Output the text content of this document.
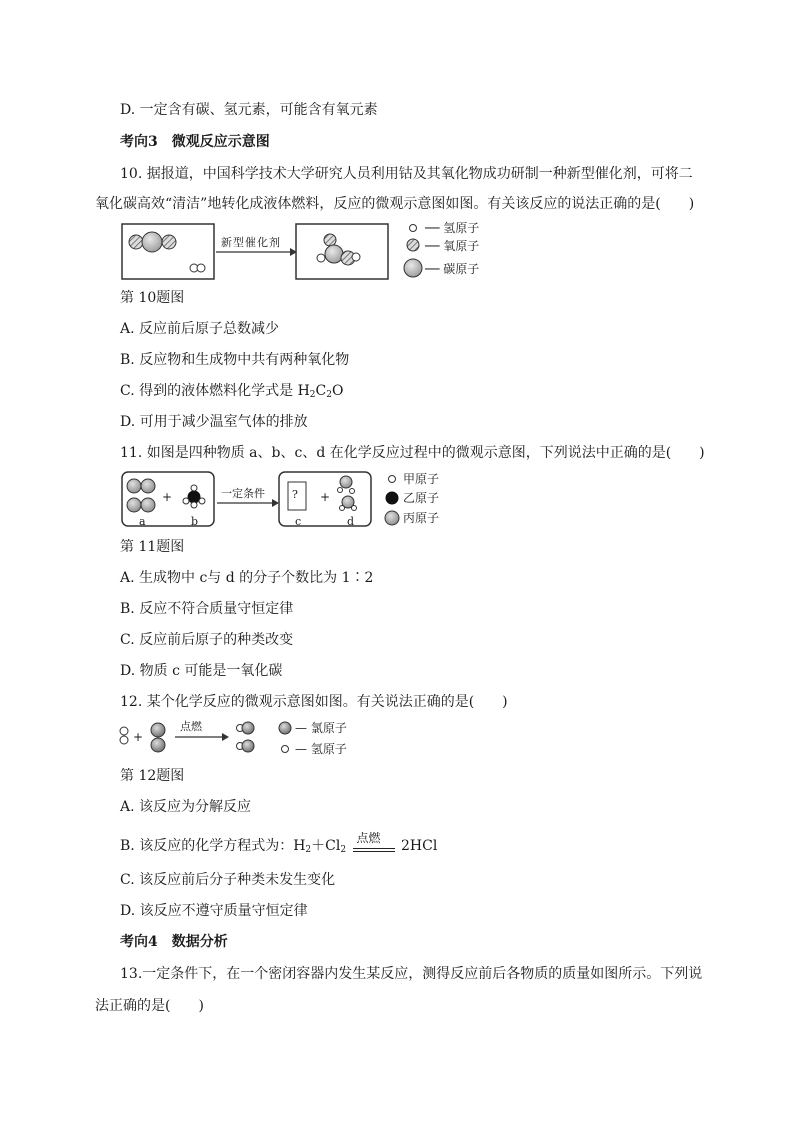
D. 一定含有碳、氢元素，可能含有氧元素
考向3　微观反应示意图
10. 据报道，中国科学技术大学研究人员利用钴及其氧化物成功研制一种新型催化剂，可将二
氧化碳高效“清洁”地转化成液体燃料，反应的微观示意图如图。有关该反应的说法正确的是(　　)
新型催化剂
── 氢原子
── 氧原子
── 碳原子
第 10题图
A. 反应前后原子总数减少
B. 反应物和生成物中共有两种氧化物
C. 得到的液体燃料化学式是 $H_2C_2O$
D. 可用于减少温室气体的排放
11. 如图是四种物质 a、b、c、d 在化学反应过程中的微观示意图，下列说法中正确的是(　　)
+	+
?
一定条件
a	b	c	d
甲原子
乙原子
丙原子
第 11题图
A. 生成物中 c与 d 的分子个数比为 1∶2
B. 反应不符合质量守恒定律
C. 反应前后原子的种类改变
D. 物质 c 可能是一氧化碳
12. 某个化学反应的微观示意图如图。有关说法正确的是(　　)
+
点燃	— 氯原子
— 氢原子
第 12题图
A. 该反应为分解反应
B. 该反应的化学方程式为：$H_2+Cl_2$
点燃 2HCl
C. 该反应前后分子种类未发生变化
D. 该反应不遵守质量守恒定律
考向4　数据分析
13.一定条件下，在一个密闭容器内发生某反应，测得反应前后各物质的质量如图所示。下列说
法正确的是(　　)
